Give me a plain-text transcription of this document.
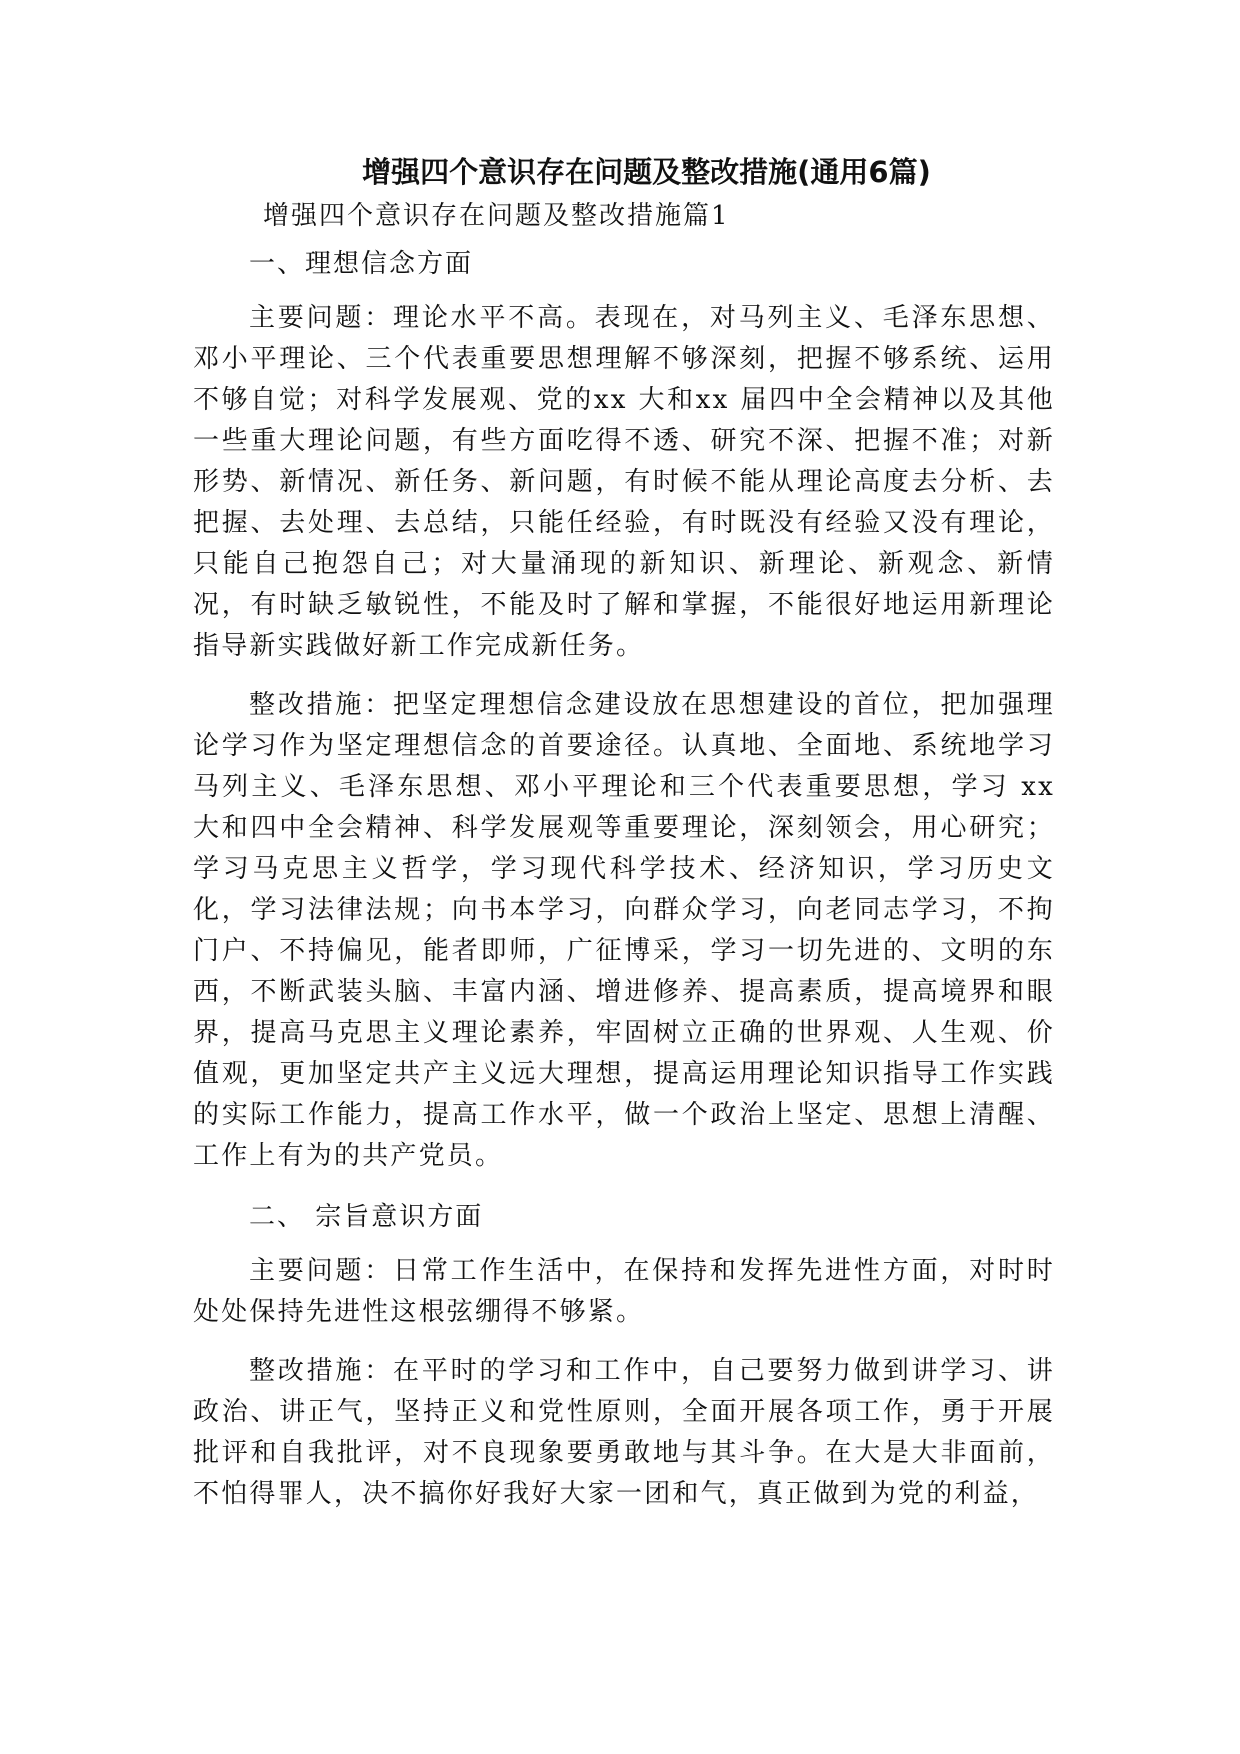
增强四个意识存在问题及整改措施(通用6篇)
增强四个意识存在问题及整改措施篇1
一、理想信念方面

主要问题：理论水平不高。表现在，对马列主义、毛泽东思想、邓小平理论、三个代表重要思想理解不够深刻，把握不够系统、运用不够自觉；对科学发展观、党的xx 大和xx 届四中全会精神以及其他一些重大理论问题，有些方面吃得不透、研究不深、把握不准；对新形势、新情况、新任务、新问题，有时候不能从理论高度去分析、去把握、去处理、去总结，只能任经验，有时既没有经验又没有理论，只能自己抱怨自己；对大量涌现的新知识、新理论、新观念、新情况，有时缺乏敏锐性，不能及时了解和掌握，不能很好地运用新理论指导新实践做好新工作完成新任务。

整改措施：把坚定理想信念建设放在思想建设的首位，把加强理论学习作为坚定理想信念的首要途径。认真地、全面地、系统地学习马列主义、毛泽东思想、邓小平理论和三个代表重要思想，学习 xx 大和四中全会精神、科学发展观等重要理论，深刻领会，用心研究；学习马克思主义哲学，学习现代科学技术、经济知识，学习历史文化，学习法律法规；向书本学习，向群众学习，向老同志学习，不拘门户、不持偏见，能者即师，广征博采，学习一切先进的、文明的东西，不断武装头脑、丰富内涵、增进修养、提高素质，提高境界和眼界，提高马克思主义理论素养，牢固树立正确的世界观、人生观、价值观，更加坚定共产主义远大理想，提高运用理论知识指导工作实践的实际工作能力，提高工作水平，做一个政治上坚定、思想上清醒、工作上有为的共产党员。

二、 宗旨意识方面

主要问题：日常工作生活中，在保持和发挥先进性方面，对时时处处保持先进性这根弦绷得不够紧。

整改措施：在平时的学习和工作中，自己要努力做到讲学习、讲政治、讲正气，坚持正义和党性原则，全面开展各项工作，勇于开展批评和自我批评，对不良现象要勇敢地与其斗争。在大是大非面前，不怕得罪人，决不搞你好我好大家一团和气，真正做到为党的利益，
